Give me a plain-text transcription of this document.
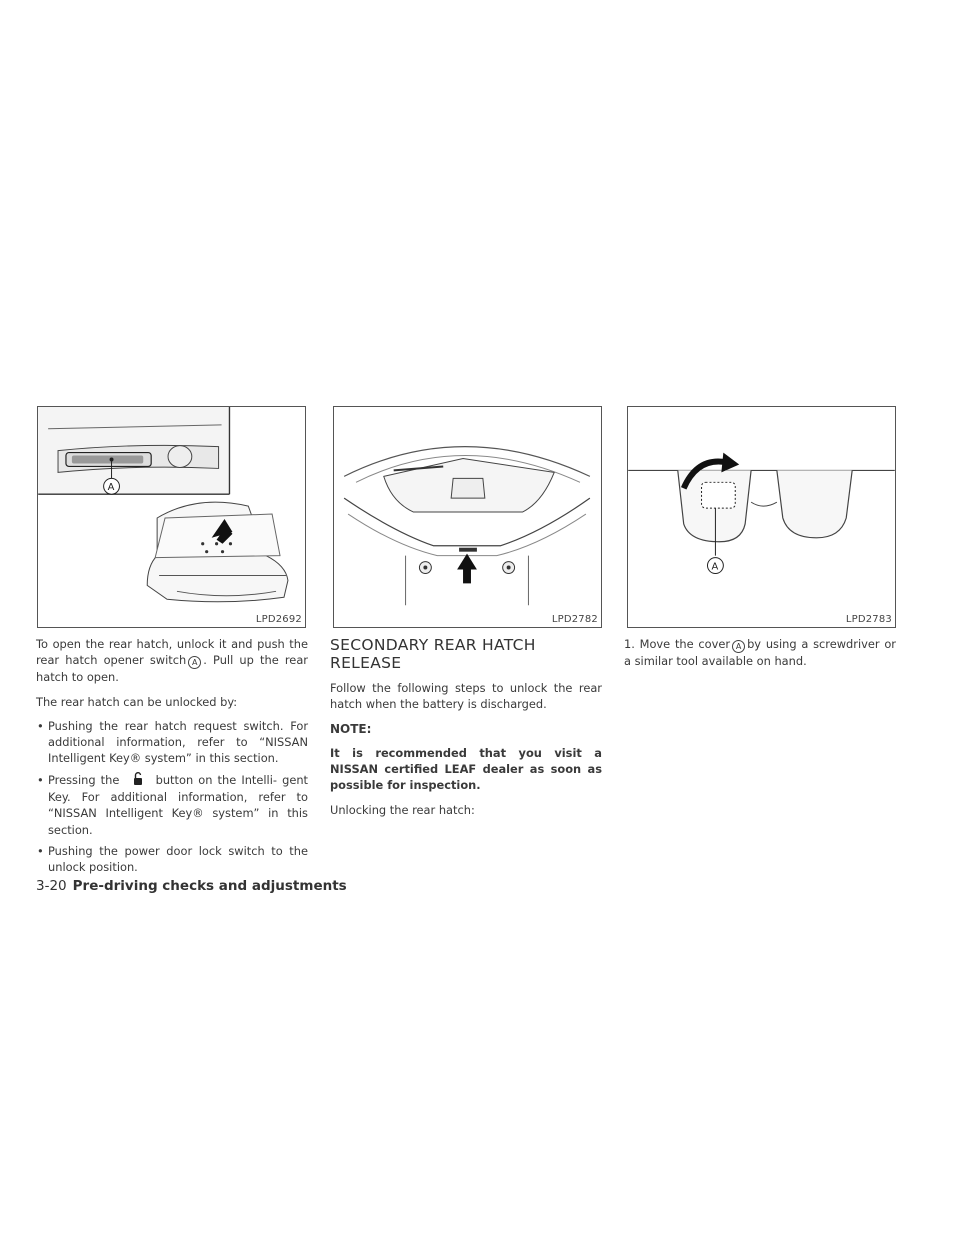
A
LPD2692	LPD2782
A
LPD2783

To open the rear hatch, unlock it and push the rear hatch opener switch A . Pull up the rear hatch to open.

The rear hatch can be unlocked by:

• Pushing the rear hatch request switch. For additional information, refer to “NISSAN Intelligent Key® system” in this section.
• Pressing the	button on the Intelli- gent Key. For additional information, refer to “NISSAN Intelligent Key® system” in this section.
• Pushing the power door lock switch to the unlock position.
SECONDARY REAR HATCH RELEASE

Follow the following steps to unlock the rear hatch when the battery is discharged.

NOTE:

It is recommended that you visit a NISSAN certified LEAF dealer as soon as possible for inspection.

Unlocking the rear hatch:

1. Move the cover A by using a screwdriver or a similar tool available on hand.

3-20 Pre-driving checks and adjustments
